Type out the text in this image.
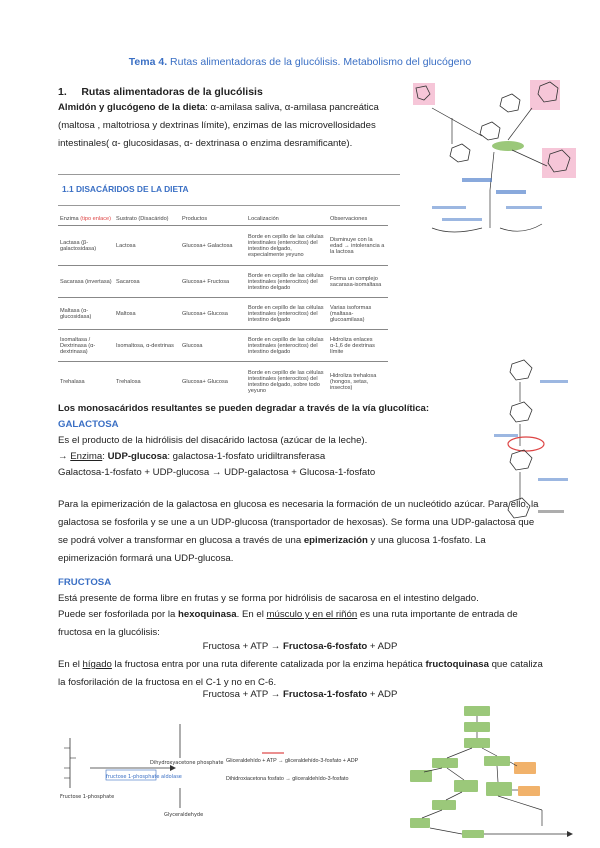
Tema 4. Rutas alimentadoras de la glucólisis. Metabolismo del glucógeno
1.     Rutas alimentadoras de la glucólisis
Almidón y glucógeno de la dieta: α-amilasa saliva, α-amilasa pancreática (maltosa , maltotriosa y dextrinas límite), enzimas de las microvellosidades intestinales( α- glucosidasas, α- dextrinasa o enzima desramificante).
1.1 DISACÁRIDOS DE LA DIETA
Enzima (tipo enlace)	Sustrato (Disacárido)	Productos	Localización	Observaciones
Lactasa (β-galactosidasa)	Lactosa	Glucosa+ Galactosa	Borde en cepillo de las células intestinales (enterocitos) del intestino delgado, especialmente yeyuno	Disminuye con la edad → intolerancia a la lactosa
Sacarasa (invertasa)	Sacarosa	Glucosa+ Fructosa	Borde en cepillo de las células intestinales (enterocitos) del intestino delgado	Forma un complejo sacarasa-isomaltasa
Maltasa (α-glucosidasa)	Maltosa	Glucosa+ Glucosa	Borde en cepillo de las células intestinales (enterocitos) del intestino delgado	Varias isoformas (maltasa-glucoamilasa)
Isomaltasa / Dextrinasa (α-dextrinasa)	Isomaltosa, α-dextrinas	Glucosa	Borde en cepillo de las células intestinales (enterocitos) del intestino delgado	Hidroliza enlaces α-1,6 de dextrinas límite
Trehalasa	Trehalosa	Glucosa+ Glucosa	Borde en cepillo de las células intestinales (enterocitos) del intestino delgado, sobre todo yeyuno	Hidroliza trehalosa (hongos, setas, insectos)
Los monosacáridos resultantes se pueden degradar a través de la vía glucolítica:
GALACTOSA
Es el producto de la hidrólisis del disacárido lactosa (azúcar de la leche).
→ Enzima: UDP-glucosa: galactosa-1-fosfato uridiltransferasa
Galactosa-1-fosfato + UDP-glucosa → UDP-galactosa + Glucosa-1-fosfato
Para la epimerización de la galactosa en glucosa es necesaria la formación de un nucleótido azúcar. Para ello, la galactosa se fosforila y se une a un UDP-glucosa (transportador de hexosas). Se forma una UDP-galactosa que se podrá volver a transformar en glucosa a través de una epimerización y una glucosa 1-fosfato. La epimerización formará una UDP-glucosa.
FRUCTOSA
Está presente de forma libre en frutas y se forma por hidrólisis de sacarosa en el intestino delgado.
Puede ser fosforilada por la hexoquinasa. En el músculo y en el riñón es una ruta importante de entrada de fructosa en la glucólisis:
Fructosa + ATP → Fructosa-6-fosfato + ADP
En el hígado la fructosa entra por una ruta diferente catalizada por la enzima hepática fructoquinasa que cataliza la fosforilación de la fructosa en el C-1 y no en C-6.
Fructosa + ATP → Fructosa-1-fosfato + ADP
Fructose 1-phosphate
Glyceraldehyde
Dihydroxyacetone phosphate
fructose 1-phosphate aldolase
Gliceraldehído + ATP → gliceraldehído-3-fosfato + ADP
Dihidroxiacetona fosfato → gliceraldehído-3-fosfato
